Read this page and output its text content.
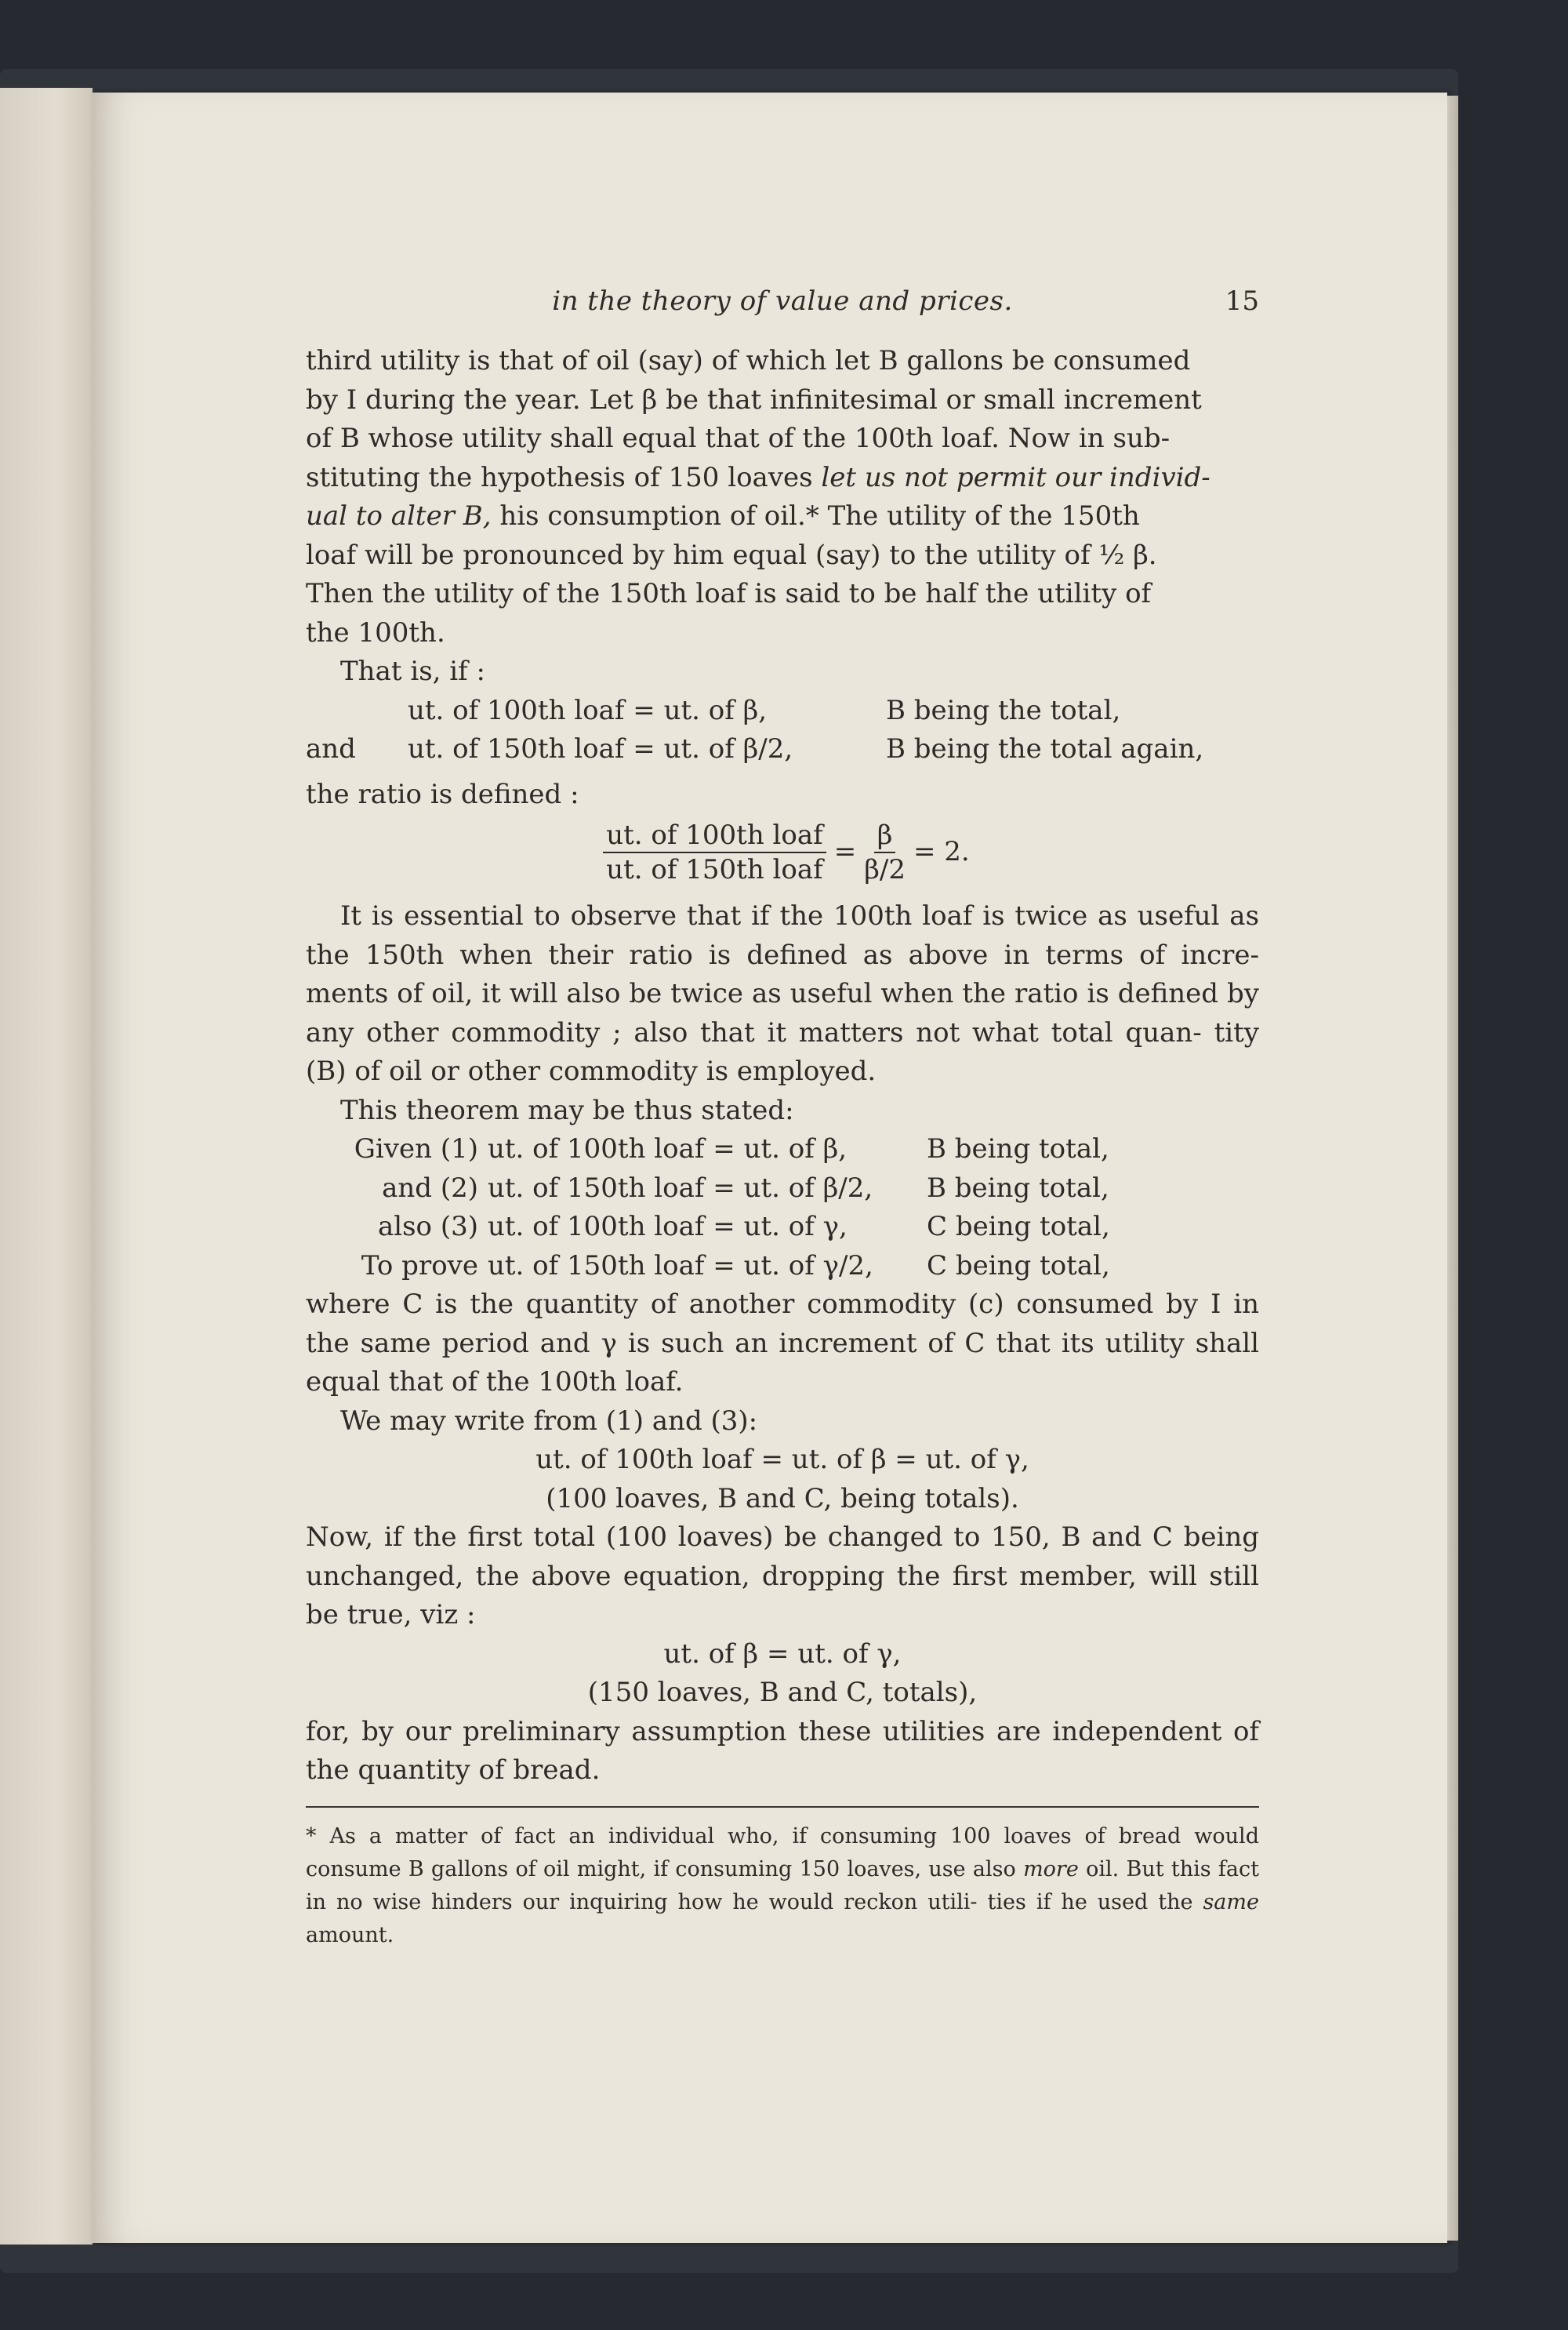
in the theory of value and prices.	15

third utility is that of oil (say) of which let B gallons be consumed
by I during the year. Let β be that infinitesimal or small increment
of B whose utility shall equal that of the 100th loaf. Now in sub-
stituting the hypothesis of 150 loaves let us not permit our individ-
ual to alter B, his consumption of oil.* The utility of the 150th
loaf will be pronounced by him equal (say) to the utility of ½ β.
Then the utility of the 150th loaf is said to be half the utility of
the 100th.

That is, if :

ut. of 100th loaf = ut. of β,	B being the total,
and	ut. of 150th loaf = ut. of β/2,	B being the total again,

the ratio is defined :

$\frac{\text{ut. of 100th loaf}}{\text{ut. of 150th loaf}} = \frac{\beta}{\beta/2} = 2$.

It is essential to observe that if the 100th loaf is twice as useful as the 150th when their ratio is defined as above in terms of incre- ments of oil, it will also be twice as useful when the ratio is defined by any other commodity ; also that it matters not what total quan- tity (B) of oil or other commodity is employed.

This theorem may be thus stated:

Given (1) ut. of 100th loaf = ut. of β,	B being total,
and (2) ut. of 150th loaf = ut. of β/2,	B being total,
also (3) ut. of 100th loaf = ut. of γ,	C being total,
To prove ut. of 150th loaf = ut. of γ/2,	C being total,

where C is the quantity of another commodity (c) consumed by I in the same period and γ is such an increment of C that its utility shall equal that of the 100th loaf.

We may write from (1) and (3):

ut. of 100th loaf = ut. of β = ut. of γ,
(100 loaves, B and C, being totals).

Now, if the first total (100 loaves) be changed to 150, B and C being unchanged, the above equation, dropping the first member, will still be true, viz :

ut. of β = ut. of γ,
(150 loaves, B and C, totals),

for, by our preliminary assumption these utilities are independent of the quantity of bread.

* As a matter of fact an individual who, if consuming 100 loaves of bread would consume B gallons of oil might, if consuming 150 loaves, use also more oil. But this fact in no wise hinders our inquiring how he would reckon utili- ties if he used the same amount.
